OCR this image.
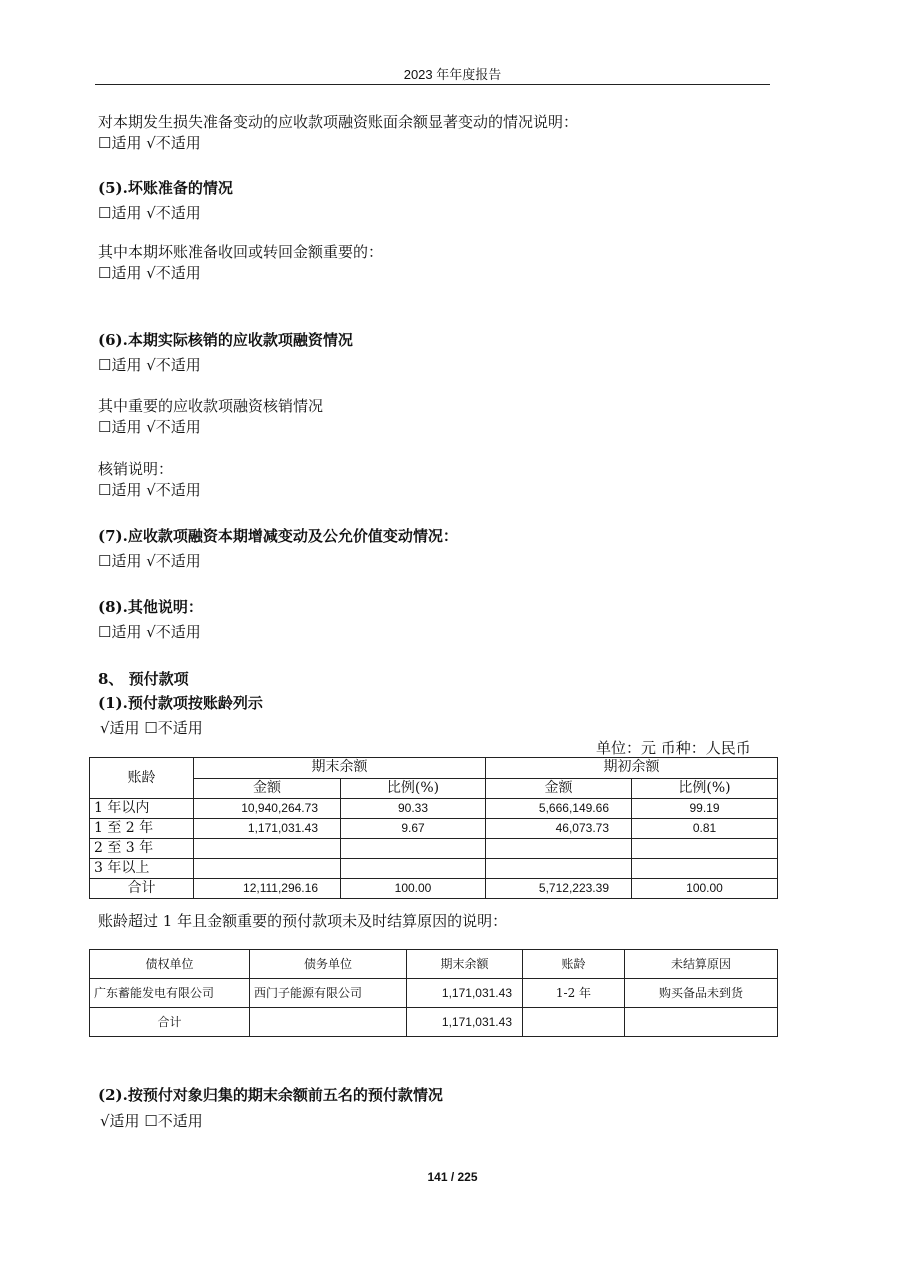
2023 年年度报告
对本期发生损失准备变动的应收款项融资账面余额显著变动的情况说明：
☐适用 √不适用
(5).坏账准备的情况
☐适用 √不适用
其中本期坏账准备收回或转回金额重要的：
☐适用 √不适用
(6).本期实际核销的应收款项融资情况
☐适用 √不适用
其中重要的应收款项融资核销情况
☐适用 √不适用
核销说明：
☐适用 √不适用
(7).应收款项融资本期增减变动及公允价值变动情况：
☐适用 √不适用
(8).其他说明：
☐适用 √不适用
8、 预付款项
(1).预付款项按账龄列示
√适用 ☐不适用
单位：元 币种：人民币
账龄	期末余额		期初余额	
	金额	比例(%)	金额	比例(%)
1 年以内	10,940,264.73	90.33	5,666,149.66	99.19
1 至 2 年	1,171,031.43	9.67	46,073.73	0.81
2 至 3 年				
3 年以上				
合计	12,111,296.16	100.00	5,712,223.39	100.00
账龄超过 1 年且金额重要的预付款项未及时结算原因的说明：
债权单位	债务单位	期末余额	账龄	未结算原因
广东蓄能发电有限公司	西门子能源有限公司	1,171,031.43	1-2 年	购买备品未到货
合计		1,171,031.43		
(2).按预付对象归集的期末余额前五名的预付款情况
√适用 ☐不适用
141 / 225
